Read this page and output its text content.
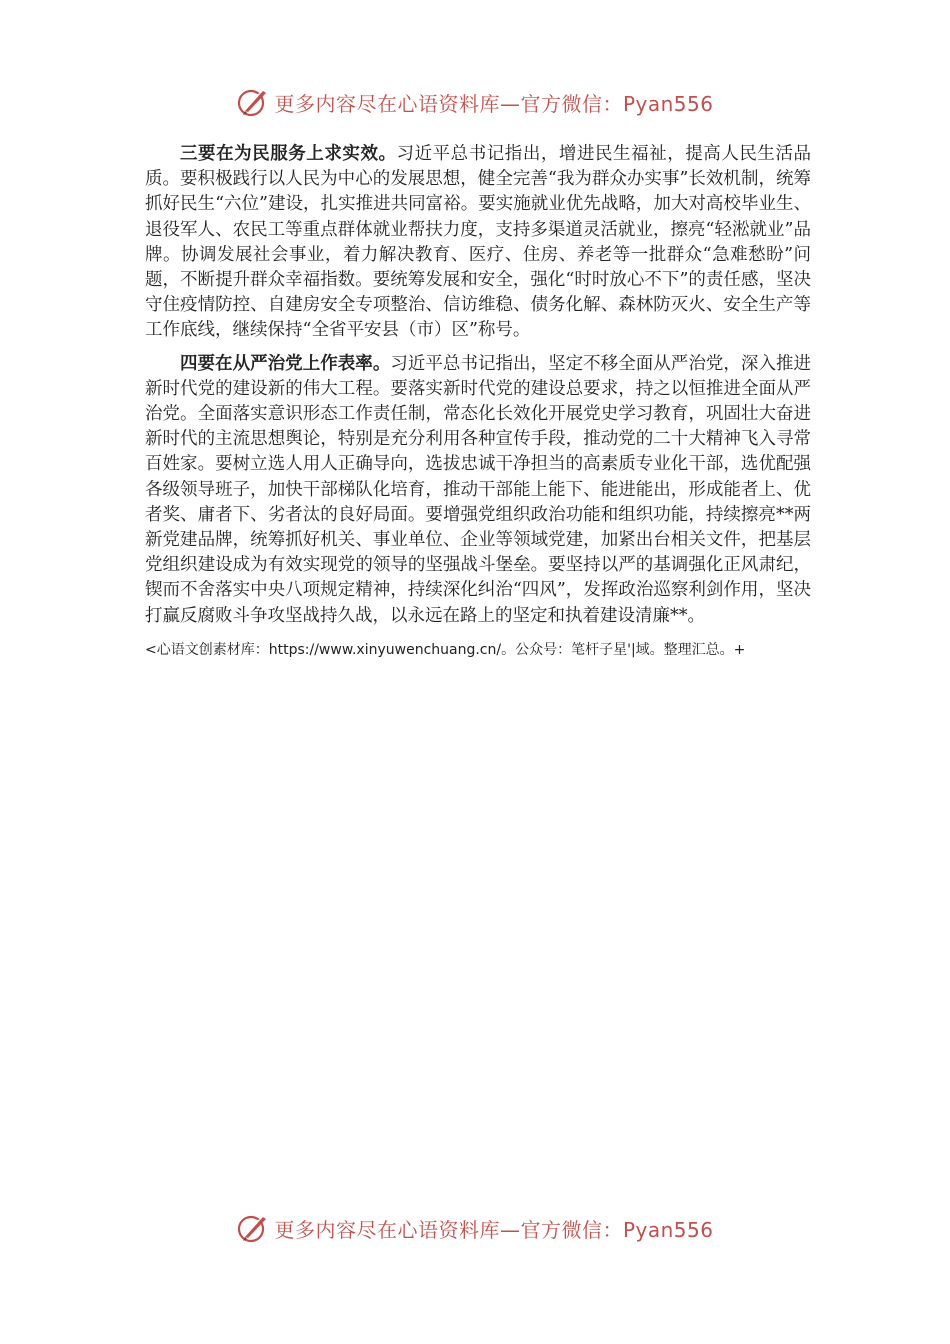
更多内容尽在心语资料库—官方微信：Pyan556

三要在为民服务上求实效。习近平总书记指出，增进民生福祉，提高人民生活品质。要积极践行以人民为中心的发展思想，健全完善“我为群众办实事”长效机制，统筹抓好民生“六位”建设，扎实推进共同富裕。要实施就业优先战略，加大对高校毕业生、退役军人、农民工等重点群体就业帮扶力度，支持多渠道灵活就业，擦亮“轻淞就业”品牌。协调发展社会事业，着力解决教育、医疗、住房、养老等一批群众“急难愁盼”问题，不断提升群众幸福指数。要统筹发展和安全，强化“时时放心不下”的责任感，坚决守住疫情防控、自建房安全专项整治、信访维稳、债务化解、森林防灭火、安全生产等工作底线，继续保持“全省平安县（市）区”称号。

四要在从严治党上作表率。习近平总书记指出，坚定不移全面从严治党，深入推进新时代党的建设新的伟大工程。要落实新时代党的建设总要求，持之以恒推进全面从严治党。全面落实意识形态工作责任制，常态化长效化开展党史学习教育，巩固壮大奋进新时代的主流思想舆论，特别是充分利用各种宣传手段，推动党的二十大精神飞入寻常百姓家。要树立选人用人正确导向，选拔忠诚干净担当的高素质专业化干部，选优配强各级领导班子，加快干部梯队化培育，推动干部能上能下、能进能出，形成能者上、优者奖、庸者下、劣者汰的良好局面。要增强党组织政治功能和组织功能，持续擦亮**两新党建品牌，统筹抓好机关、事业单位、企业等领域党建，加紧出台相关文件，把基层党组织建设成为有效实现党的领导的坚强战斗堡垒。要坚持以严的基调强化正风肃纪，锲而不舍落实中央八项规定精神，持续深化纠治“四风”，发挥政治巡察利剑作用，坚决打赢反腐败斗争攻坚战持久战，以永远在路上的坚定和执着建设清廉**。

<心语文创素材库：https://www.xinyuwenchuang.cn/。公众号：笔杆子星'|域。整理汇总。+

更多内容尽在心语资料库—官方微信：Pyan556
